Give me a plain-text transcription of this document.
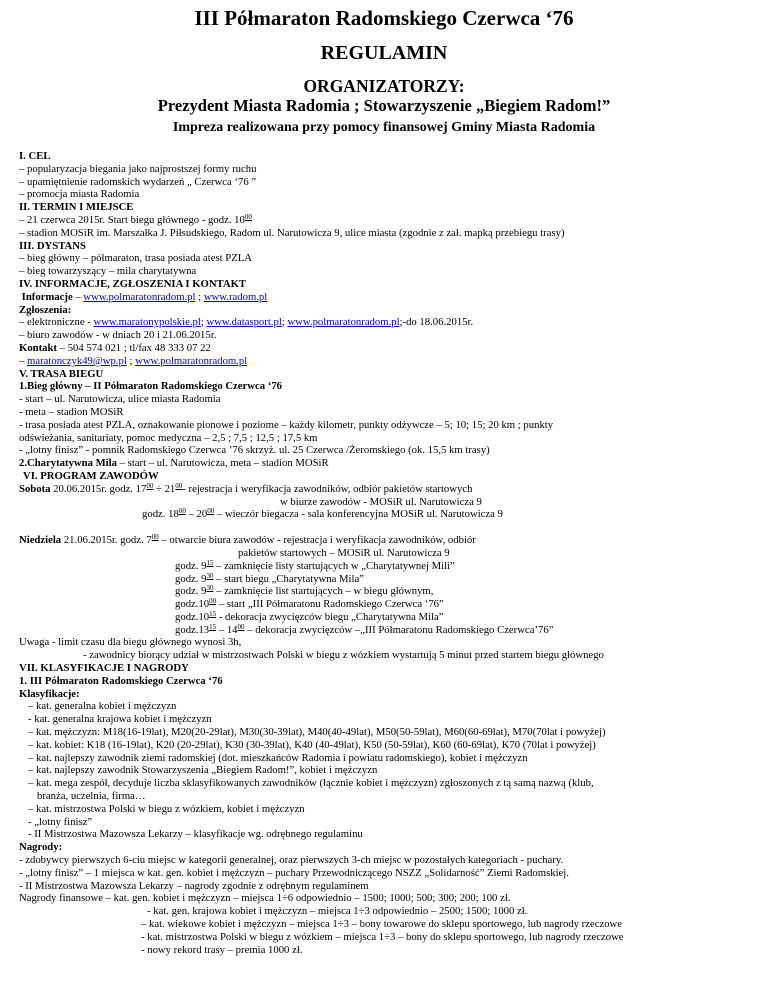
III Półmaraton Radomskiego Czerwca ‘76
REGULAMIN
ORGANIZATORZY:
Prezydent Miasta Radomia ; Stowarzyszenie „Biegiem Radom!”
Impreza realizowana przy pomocy finansowej Gminy Miasta Radomia
I. CEL
– popularyzacja biegania jako najprostszej formy ruchu
– upamiętnienie radomskich wydarzeń „ Czerwca ‘76 ”
– promocja miasta Radomia
II. TERMIN I MIEJSCE
– 21 czerwca 2015r. Start biegu głównego - godz. $10^{00}$
– stadion MOSiR im. Marszałka J. Piłsudskiego, Radom ul. Narutowicza 9, ulice miasta (zgodnie z zał. mapką przebiegu trasy)
III. DYSTANS
– bieg główny – półmaraton, trasa posiada atest PZLA
– bieg towarzyszący – mila charytatywna
IV. INFORMACJE, ZGŁOSZENIA I KONTAKT
Informacje – www.polmaratonradom.pl ; www.radom.pl
Zgłoszenia:
– elektroniczne - www.maratonypolskie.pl; www.datasport.pl; www.polmaratonradom.pl;-do 18.06.2015r.
– biuro zawodów - w dniach 20 i 21.06.2015r.
Kontakt – 504 574 021 ; tl/fax 48 333 07 22
– maratonczyk49@wp.pl ; www.polmaratonradom.pl
V. TRASA BIEGU
1.Bieg główny – II Półmaraton Radomskiego Czerwca ‘76
- start – ul. Narutowicza, ulice miasta Radomia
- meta – stadion MOSiR
- trasa posiada atest PZLA, oznakowanie pionowe i poziome – każdy kilometr, punkty odżywcze – 5; 10; 15; 20 km ; punkty
odświeżania, sanitariaty, pomoc medyczna – 2,5 ; 7,5 ; 12,5 ; 17,5 km
- „lotny finisz” - pomnik Radomskiego Czerwca ’76 skrzyż. ul. 25 Czerwca /Żeromskiego (ok. 15,5 km trasy)
2.Charytatywna Mila – start – ul. Narutowicza, meta – stadion MOSiR
VI. PROGRAM ZAWODÓW
Sobota 20.06.2015r. godz. $17^{00} \div 21^{00}-$ rejestracja i weryfikacja zawodników, odbiór pakietów startowych
w biurze zawodów - MOSiR ul. Narutowicza 9
godz. $18^{00} - 20^{00}$ – wieczór biegacza - sala konferencyjna MOSiR ul. Narutowicza 9
Niedziela 21.06.2015r. godz. $7^{00}$ – otwarcie biura zawodów - rejestracja i weryfikacja zawodników, odbiór
pakietów startowych – MOSiR ul. Narutowicza 9
godz. $9^{15}$ – zamknięcie listy startujących w „Charytatywnej Mili”
godz. $9^{30}$ – start biegu „Charytatywna Mila”
godz. $9^{30}$ – zamknięcie list startujących – w biegu głównym,
$godz.10^{00}$ – start „III Półmaratonu Radomskiego Czerwca ‘76”
$godz.10^{15}$ - dekoracja zwycięzców biegu „Charytatywna Mila”
$godz.13^{15} - 14^{00}$ – dekoracja zwycięzców –„III Półmaratonu Radomskiego Czerwca’76”
Uwaga - limit czasu dla biegu głównego wynosi 3h,
- zawodnicy biorący udział w mistrzostwach Polski w biegu z wózkiem wystartują 5 minut przed startem biegu głównego
VII. KLASYFIKACJE I NAGRODY
1. III Półmaraton Radomskiego Czerwca ‘76
Klasyfikacje:
– kat. generalna kobiet i mężczyzn
- kat. generalna krajowa kobiet i mężczyzn
– kat. mężczyzn: M18(16-19lat), M20(20-29lat), M30(30-39lat), M40(40-49lat), M50(50-59lat), M60(60-69lat), M70(70lat i powyżej)
– kat. kobiet: K18 (16-19lat), K20 (20-29lat), K30 (30-39lat), K40 (40-49lat), K50 (50-59lat), K60 (60-69lat), K70 (70lat i powyżej)
– kat. najlepszy zawodnik ziemi radomskiej (dot. mieszkańców Radomia i powiatu radomskiego), kobiet i mężczyzn
– kat. najlepszy zawodnik Stowarzyszenia „Biegiem Radom!”, kobiet i mężczyzn
– kat. mega zespół, decyduje liczba sklasyfikowanych zawodników (łącznie kobiet i mężczyzn) zgłoszonych z tą samą nazwą (klub,
branża, uczelnia, firma…
– kat. mistrzostwa Polski w biegu z wózkiem, kobiet i mężczyzn
- „lotny finisz”
- II Mistrzostwa Mazowsza Lekarzy – klasyfikacje wg. odrębnego regulaminu
Nagrody:
- zdobywcy pierwszych 6-ciu miejsc w kategorii generalnej, oraz pierwszych 3-ch miejsc w pozostałych kategoriach - puchary.
- „lotny finisz” – 1 miejsca w kat. gen. kobiet i mężczyzn – puchary Przewodniczącego NSZZ „Solidarność” Ziemi Radomskiej.
- II Mistrzostwa Mazowsza Lekarzy – nagrody zgodnie z odrębnym regulaminem
Nagrody finansowe – kat. gen. kobiet i mężczyzn – miejsca 1÷6 odpowiednio – 1500; 1000; 500; 300; 200; 100 zł.
- kat. gen. krajowa kobiet i mężczyzn – miejsca 1÷3 odpowiednio – 2500; 1500; 1000 zł.
– kat. wiekowe kobiet i mężczyzn – miejsca 1÷3 – bony towarowe do sklepu sportowego, lub nagrody rzeczowe
- kat. mistrzostwa Polski w biegu z wózkiem – miejsca 1÷3 – bony do sklepu sportowego, lub nagrody rzeczowe
- nowy rekord trasy – premia 1000 zł.
